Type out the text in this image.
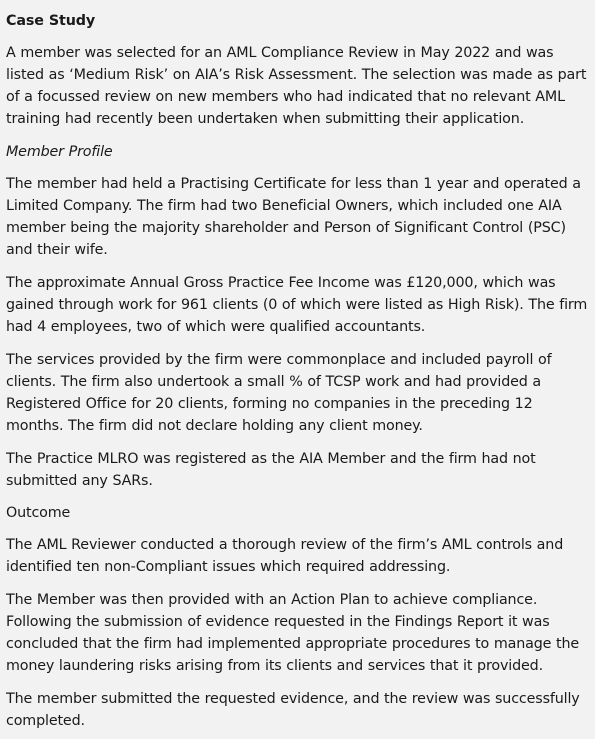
Case Study

A member was selected for an AML Compliance Review in May 2022 and was listed as ‘Medium Risk’ on AIA’s Risk Assessment. The selection was made as part of a focussed review on new members who had indicated that no relevant AML training had recently been undertaken when submitting their application.

Member Profile

The member had held a Practising Certificate for less than 1 year and operated a Limited Company. The firm had two Beneficial Owners, which included one AIA member being the majority shareholder and Person of Significant Control (PSC) and their wife.

The approximate Annual Gross Practice Fee Income was £120,000, which was gained through work for 961 clients (0 of which were listed as High Risk). The firm had 4 employees, two of which were qualified accountants.

The services provided by the firm were commonplace and included payroll of clients. The firm also undertook a small % of TCSP work and had provided a Registered Office for 20 clients, forming no companies in the preceding 12 months. The firm did not declare holding any client money.

The Practice MLRO was registered as the AIA Member and the firm had not submitted any SARs.

Outcome

The AML Reviewer conducted a thorough review of the firm’s AML controls and identified ten non-Compliant issues which required addressing.

The Member was then provided with an Action Plan to achieve compliance. Following the submission of evidence requested in the Findings Report it was concluded that the firm had implemented appropriate procedures to manage the money laundering risks arising from its clients and services that it provided.

The member submitted the requested evidence, and the review was successfully completed.
